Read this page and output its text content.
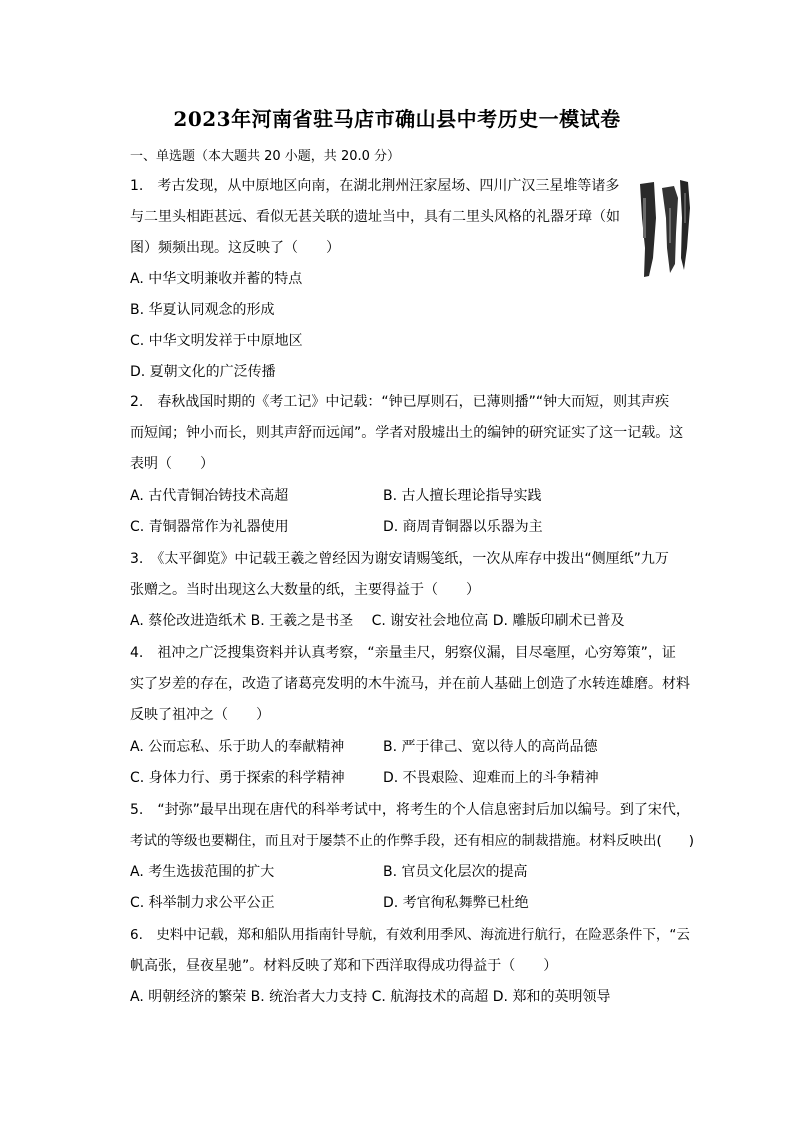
2023年河南省驻马店市确山县中考历史一模试卷
一、单选题（本大题共 20 小题，共 20.0 分）
1.　考古发现，从中原地区向南，在湖北荆州汪家屋场、四川广汉三星堆等诸多
与二里头相距甚远、看似无甚关联的遗址当中，具有二里头风格的礼器牙璋（如
图）频频出现。这反映了（　　）
A. 中华文明兼收并蓄的特点
B. 华夏认同观念的形成
C. 中华文明发祥于中原地区
D. 夏朝文化的广泛传播
2.　春秋战国时期的《考工记》中记载：“钟已厚则石，已薄则播”“钟大而短，则其声疾
而短闻；钟小而长，则其声舒而远闻”。学者对殷墟出土的编钟的研究证实了这一记载。这
表明（　　）
A. 古代青铜冶铸技术高超	B. 古人擅长理论指导实践
C. 青铜器常作为礼器使用	D. 商周青铜器以乐器为主
3.　《太平御览》中记载王羲之曾经因为谢安请赐笺纸，一次从库存中拨出“侧厘纸”九万
张赠之。当时出现这么大数量的纸，主要得益于（　　）
A. 蔡伦改进造纸术 B. 王羲之是书圣　 C. 谢安社会地位高 D. 雕版印刷术已普及
4.　祖冲之广泛搜集资料并认真考察，“亲量圭尺，躬察仪漏，目尽毫厘，心穷筹策”，证
实了岁差的存在，改造了诸葛亮发明的木牛流马，并在前人基础上创造了水转连雄磨。材料
反映了祖冲之（　　）
A. 公而忘私、乐于助人的奉献精神	B. 严于律己、宽以待人的高尚品德
C. 身体力行、勇于探索的科学精神	D. 不畏艰险、迎难而上的斗争精神
5.　“封弥”最早出现在唐代的科举考试中，将考生的个人信息密封后加以编号。到了宋代，
考试的等级也要糊住，而且对于屡禁不止的作弊手段，还有相应的制裁措施。材料反映出(　　)
A. 考生选拔范围的扩大	B. 官员文化层次的提高
C. 科举制力求公平公正	D. 考官徇私舞弊已杜绝
6.　史料中记载，郑和船队用指南针导航，有效利用季风、海流进行航行，在险恶条件下，“云
帆高张，昼夜星驰”。材料反映了郑和下西洋取得成功得益于（　　）
A. 明朝经济的繁荣 B. 统治者大力支持 C. 航海技术的高超 D. 郑和的英明领导
